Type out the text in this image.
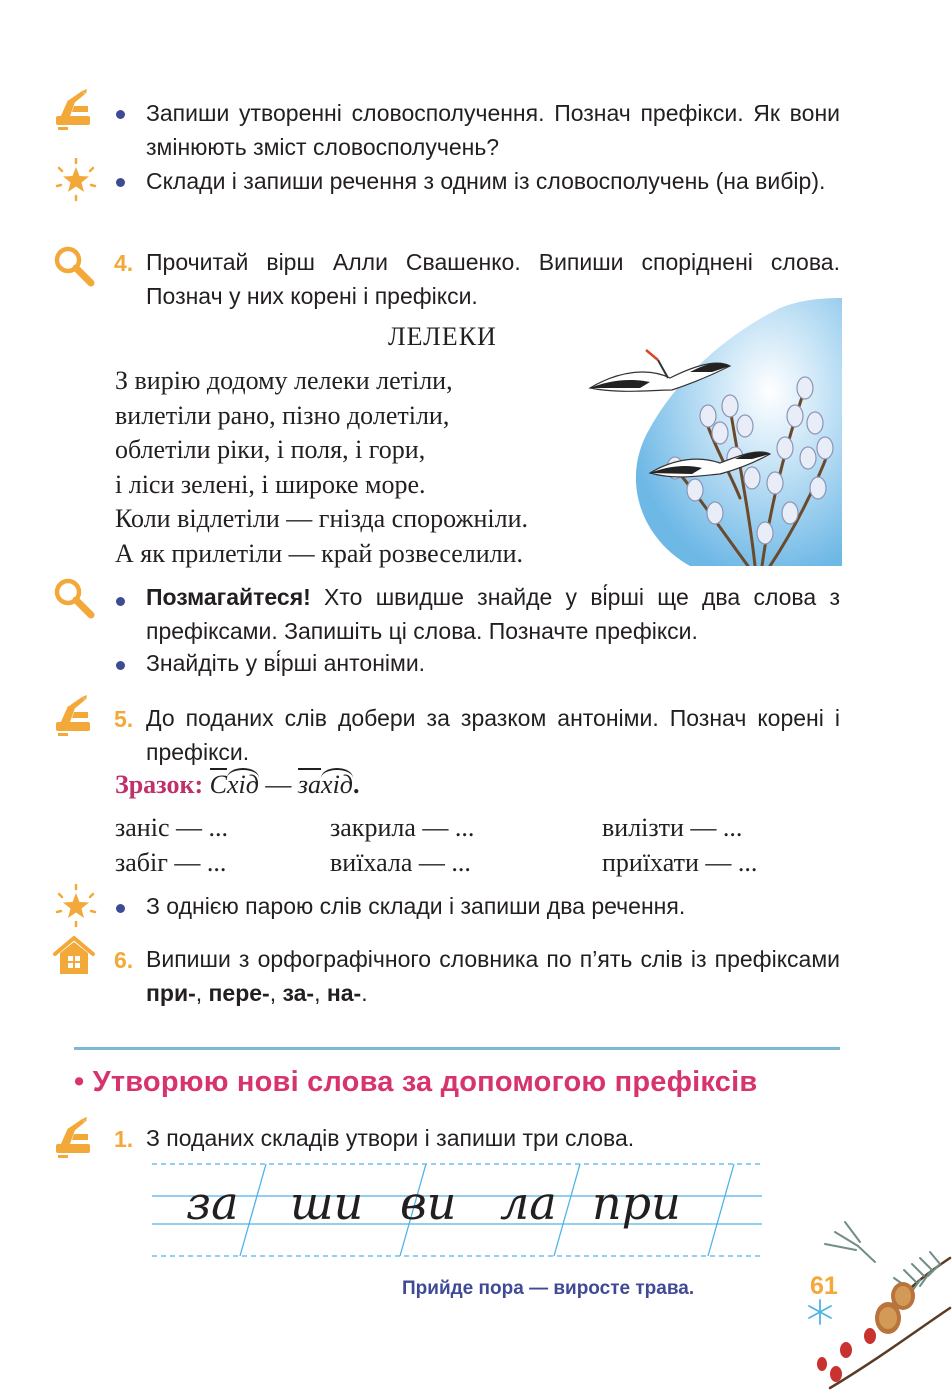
Запиши утворенні словосполучення. Познач префікси. Як вони змінюють зміст словосполучень?
Склади і запиши речення з одним із словосполучень (на вибір).
4. Прочитай вірш Алли Свашенко. Випиши споріднені слова. Познач у них корені і префікси.
ЛЕЛЕКИ
З вирію додому лелеки летіли,
вилетіли рано, пізно долетіли,
облетіли ріки, і поля, і гори,
і ліси зелені, і широке море.
Коли відлетіли — гнізда спорожніли.
А як прилетіли — край розвеселили.
Позмагайтеся! Хто швидше знайде у ві́рші ще два слова з префіксами. Запишіть ці слова. Позначте префікси.
Знайдіть у ві́рші антоніми.
5. До поданих слів добери за зразком антоніми. Познач корені і префікси.
Зразок: Схід — захід.
заніс — ...	закрила — ...	вилізти — ...
забіг — ...	виїхала — ...	приїхати — ...
З однією парою слів склади і запиши два речення.
6. Випиши з орфографічного словника по п’ять слів із префіксами при-, пере-, за-, на-.
• Утворюю нові слова за допомогою префіксів
1. З поданих складів утвори і запиши три слова.
за ши ви ла при
Прийде пора — виросте трава.	61
